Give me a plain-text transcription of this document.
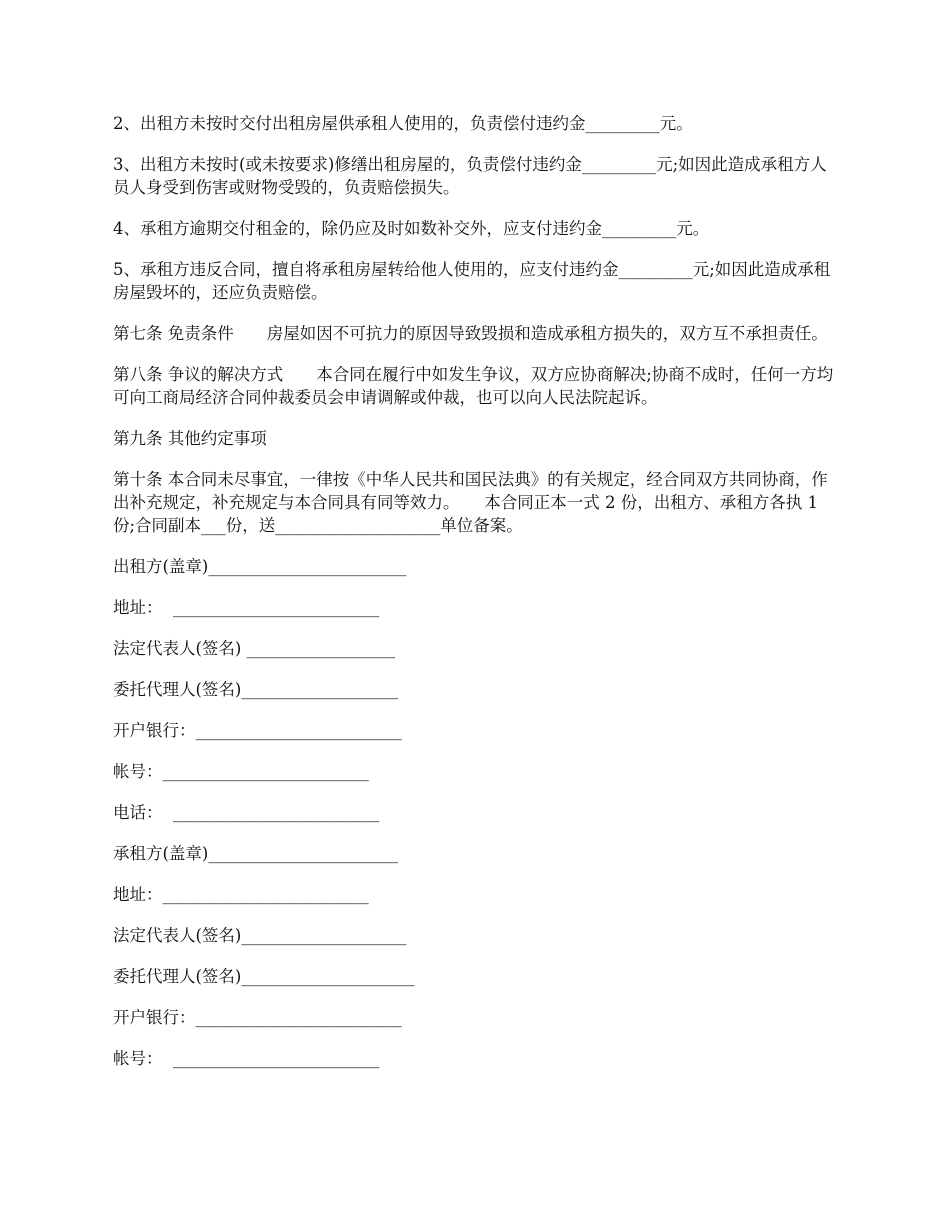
2、出租方未按时交付出租房屋供承租人使用的，负责偿付违约金_________元。

3、出租方未按时(或未按要求)修缮出租房屋的，负责偿付违约金_________元;如因此造成承租方人员人身受到伤害或财物受毁的，负责赔偿损失。

4、承租方逾期交付租金的，除仍应及时如数补交外，应支付违约金_________元。

5、承租方违反合同，擅自将承租房屋转给他人使用的，应支付违约金_________元;如因此造成承租房屋毁坏的，还应负责赔偿。

第七条 免责条件　　房屋如因不可抗力的原因导致毁损和造成承租方损失的，双方互不承担责任。

第八条 争议的解决方式　　本合同在履行中如发生争议，双方应协商解决;协商不成时，任何一方均可向工商局经济合同仲裁委员会申请调解或仲裁，也可以向人民法院起诉。

第九条 其他约定事项

第十条 本合同未尽事宜，一律按《中华人民共和国民法典》的有关规定，经合同双方共同协商，作出补充规定，补充规定与本合同具有同等效力。　　本合同正本一式 2 份，出租方、承租方各执 1 份;合同副本___份，送____________________单位备案。

出租方(盖章)________________________

地址：  _________________________

法定代表人(签名) __________________

委托代理人(签名)___________________

开户银行：_________________________

帐号：_________________________

电话：  _________________________

承租方(盖章)_______________________

地址：_________________________

法定代表人(签名)____________________

委托代理人(签名)_____________________

开户银行：_________________________

帐号：  _________________________
